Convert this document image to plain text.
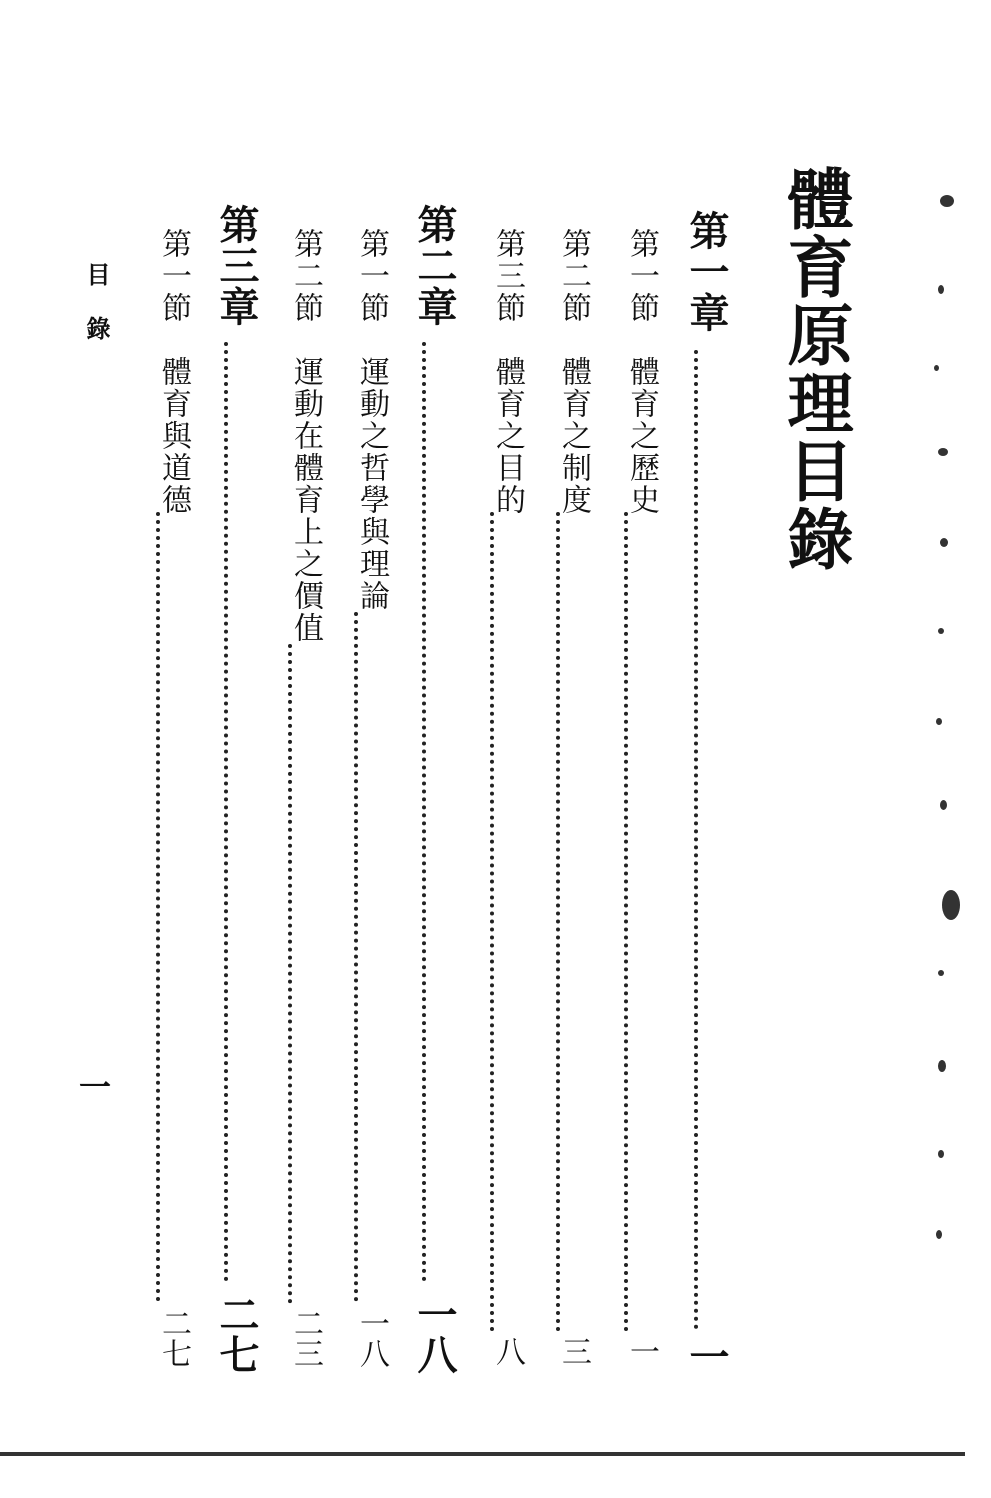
體育原理目錄
第一章
一
第一節　體育之歷史
一
第二節　體育之制度
三
第三節　體育之目的
八
第二章
一八
第一節　運動之哲學與理論
一八
第二節　運動在體育上之價值
二三
第三章
二七
第一節　體育與道德
二七
目錄
一
